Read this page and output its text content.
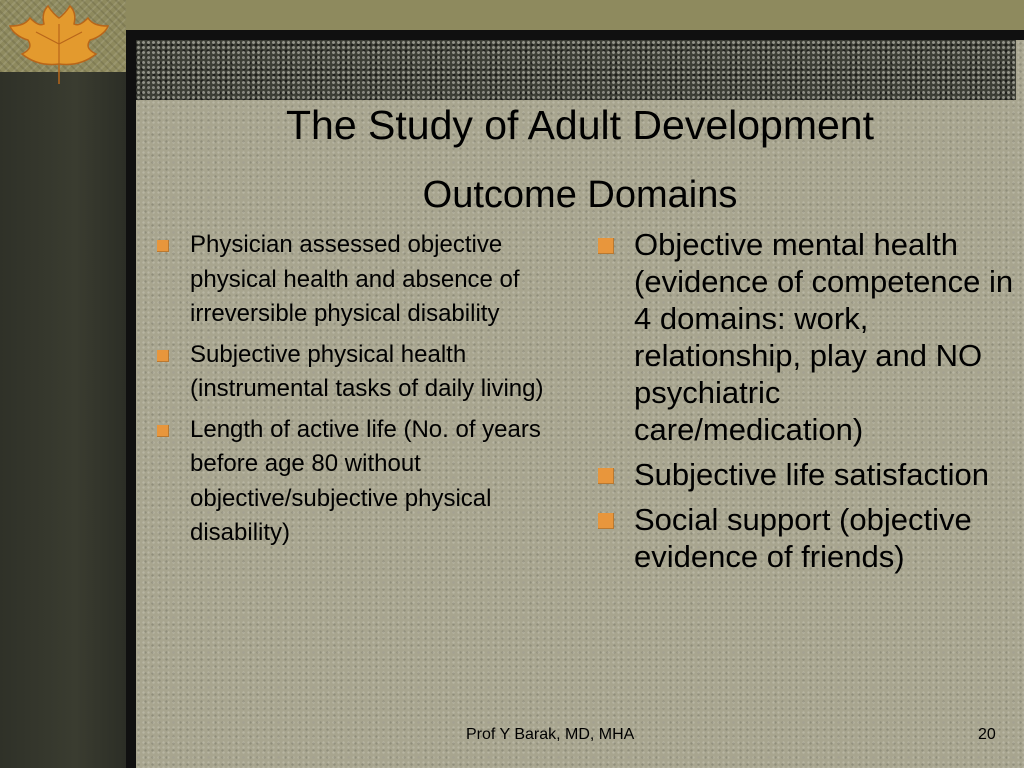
The Study of Adult Development
Outcome Domains
Physician assessed objective physical health and absence of irreversible physical disability
Subjective physical health (instrumental tasks of daily living)
Length of active life (No. of years before age 80 without objective/subjective physical disability)
Objective mental health (evidence of competence in 4 domains: work, relationship, play and NO psychiatric care/medication)
Subjective life satisfaction
Social support (objective evidence of friends)
Prof Y Barak, MD, MHA	20
